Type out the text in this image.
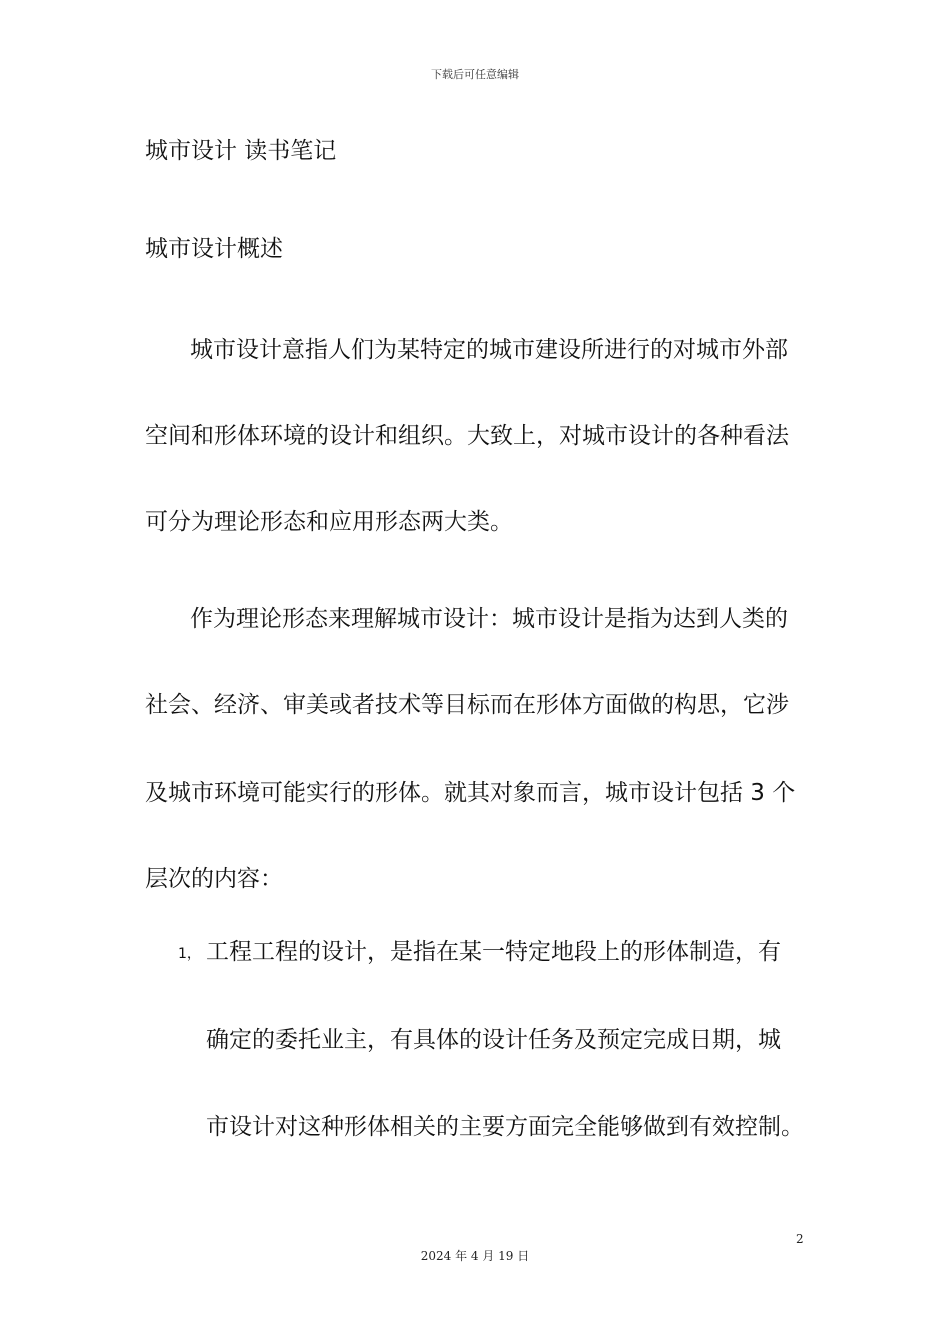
下载后可任意编辑
城市设计 读书笔记
城市设计概述
城市设计意指人们为某特定的城市建设所进行的对城市外部
空间和形体环境的设计和组织。大致上，对城市设计的各种看法
可分为理论形态和应用形态两大类。
作为理论形态来理解城市设计：城市设计是指为达到人类的
社会、经济、审美或者技术等目标而在形体方面做的构思，它涉
及城市环境可能实行的形体。就其对象而言，城市设计包括 3 个
层次的内容：
1， 工程工程的设计，是指在某一特定地段上的形体制造，有
确定的委托业主，有具体的设计任务及预定完成日期，城
市设计对这种形体相关的主要方面完全能够做到有效控制。
2
2024 年 4 月 19 日
